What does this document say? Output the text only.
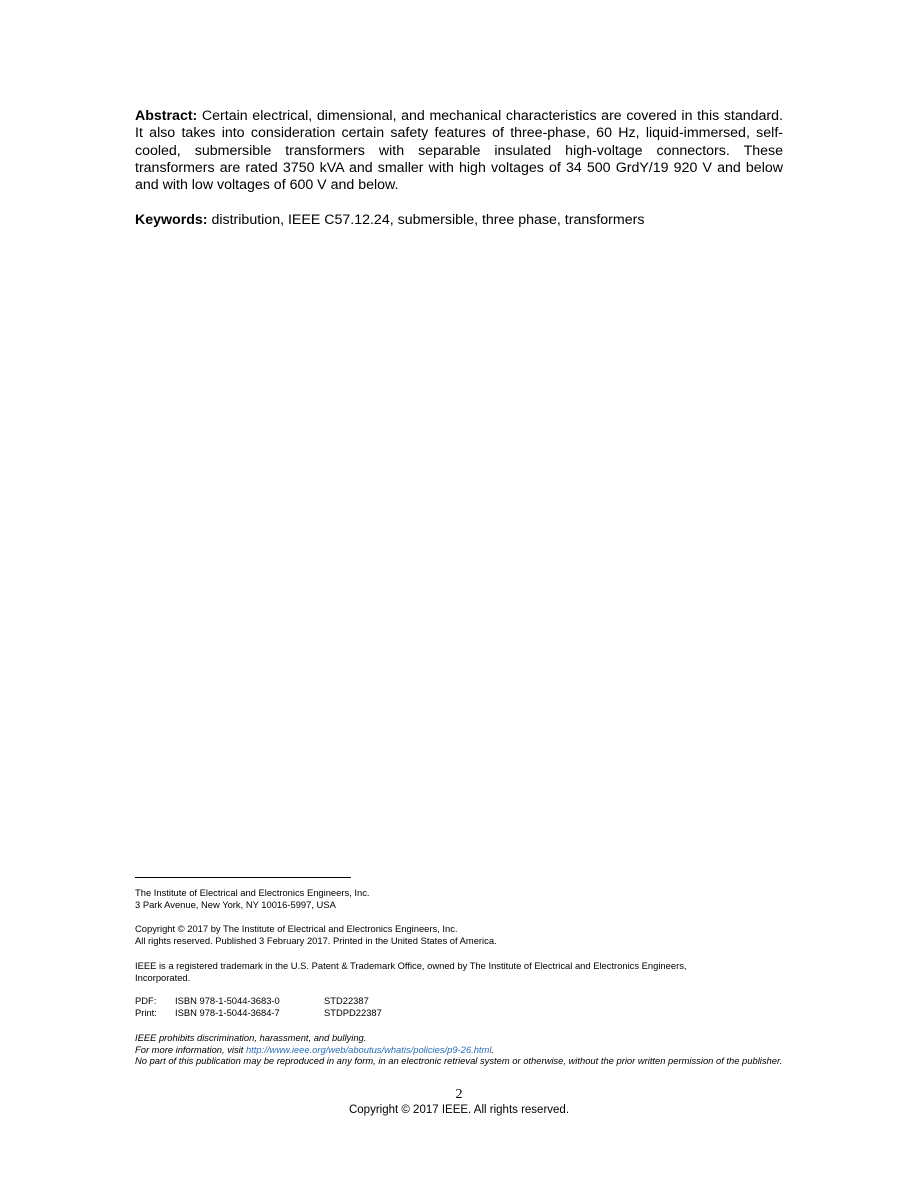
Abstract: Certain electrical, dimensional, and mechanical characteristics are covered in this standard. It also takes into consideration certain safety features of three-phase, 60 Hz, liquid-immersed, self-cooled, submersible transformers with separable insulated high-voltage connectors. These transformers are rated 3750 kVA and smaller with high voltages of 34 500 GrdY/19 920 V and below and with low voltages of 600 V and below.

Keywords: distribution, IEEE C57.12.24, submersible, three phase, transformers

The Institute of Electrical and Electronics Engineers, Inc.
3 Park Avenue, New York, NY 10016-5997, USA
Copyright © 2017 by The Institute of Electrical and Electronics Engineers, Inc.
All rights reserved. Published 3 February 2017. Printed in the United States of America.
IEEE is a registered trademark in the U.S. Patent & Trademark Office, owned by The Institute of Electrical and Electronics Engineers, Incorporated.
PDF:	ISBN 978-1-5044-3683-0	STD22387
Print:	ISBN 978-1-5044-3684-7	STDPD22387
IEEE prohibits discrimination, harassment, and bullying.
For more information, visit http://www.ieee.org/web/aboutus/whatis/policies/p9-26.html.
No part of this publication may be reproduced in any form, in an electronic retrieval system or otherwise, without the prior written permission of the publisher.
2
Copyright © 2017 IEEE. All rights reserved.
